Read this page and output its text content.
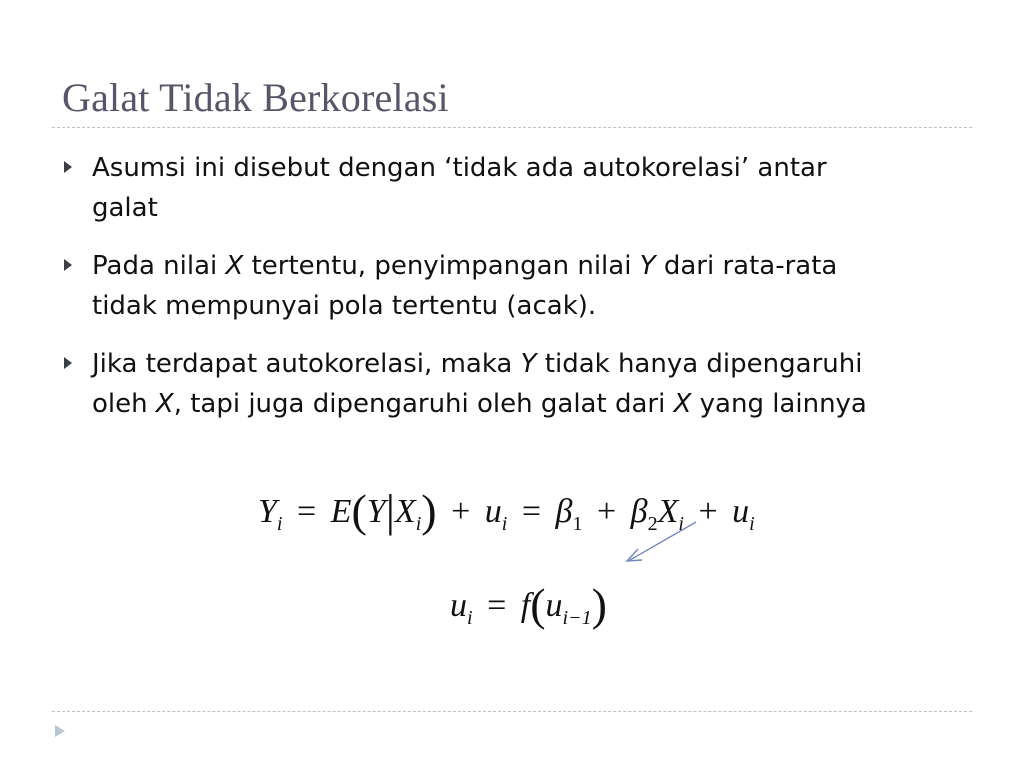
Galat Tidak Berkorelasi
Asumsi ini disebut dengan ‘tidak ada autokorelasi’ antar
galat
Pada nilai X tertentu, penyimpangan nilai Y dari rata-rata
tidak mempunyai pola tertentu (acak).
Jika terdapat autokorelasi, maka Y tidak hanya dipengaruhi
oleh X, tapi juga dipengaruhi oleh galat dari X yang lainnya
$Y_i = E(Y|X_i) + u_i = \beta_1 + \beta_2X_i + u_i$
$u_i = f(u_{i-1})$
